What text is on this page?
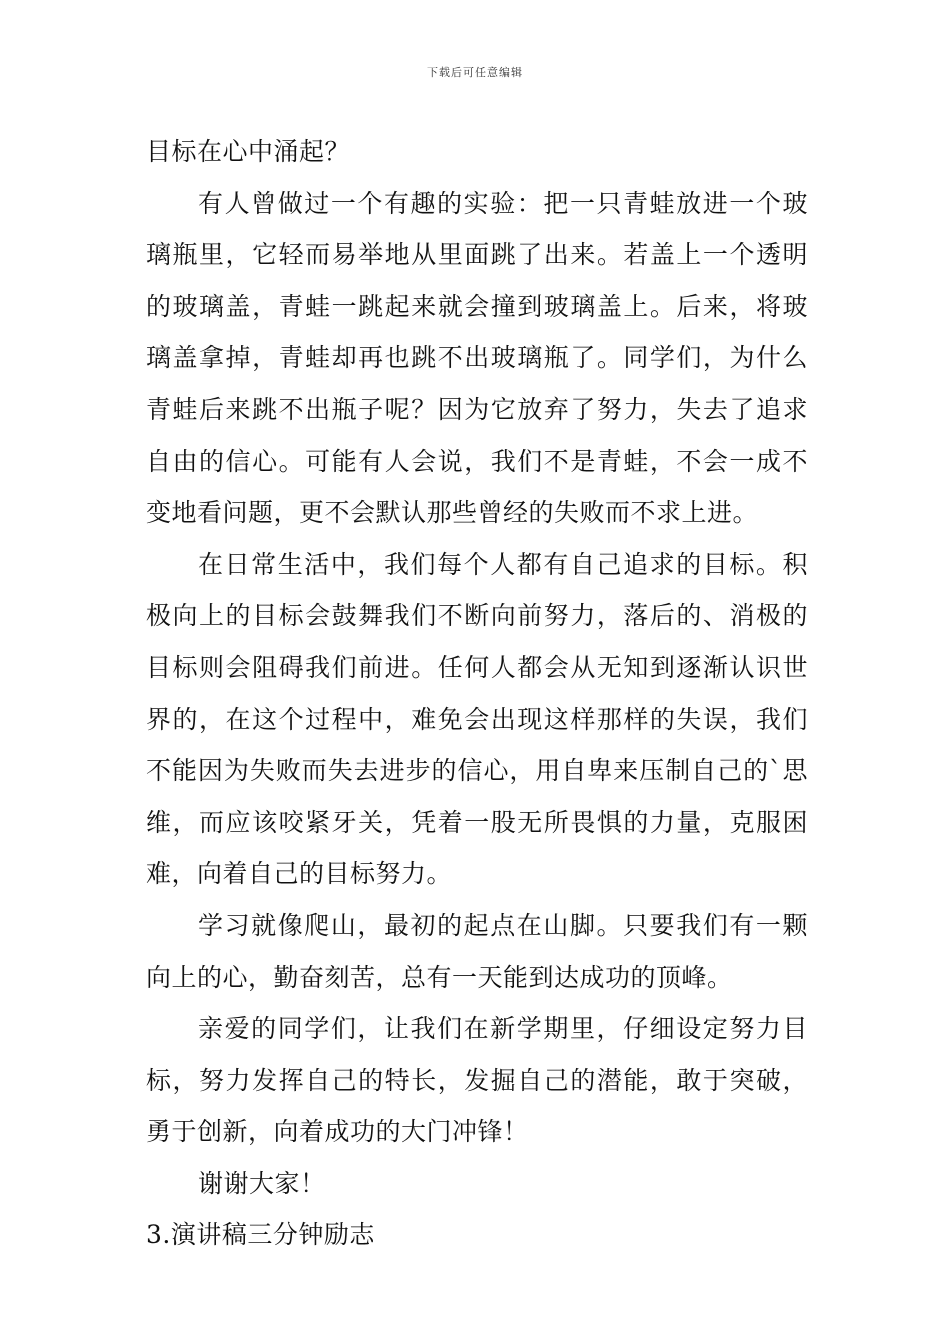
下载后可任意编辑

目标在心中涌起？

有人曾做过一个有趣的实验：把一只青蛙放进一个玻璃瓶里，它轻而易举地从里面跳了出来。若盖上一个透明的玻璃盖，青蛙一跳起来就会撞到玻璃盖上。后来，将玻璃盖拿掉，青蛙却再也跳不出玻璃瓶了。同学们，为什么青蛙后来跳不出瓶子呢？因为它放弃了努力，失去了追求自由的信心。可能有人会说，我们不是青蛙，不会一成不变地看问题，更不会默认那些曾经的失败而不求上进。

在日常生活中，我们每个人都有自己追求的目标。积极向上的目标会鼓舞我们不断向前努力，落后的、消极的目标则会阻碍我们前进。任何人都会从无知到逐渐认识世界的，在这个过程中，难免会出现这样那样的失误，我们不能因为失败而失去进步的信心，用自卑来压制自己的`思维，而应该咬紧牙关，凭着一股无所畏惧的力量，克服困难，向着自己的目标努力。

学习就像爬山，最初的起点在山脚。只要我们有一颗向上的心，勤奋刻苦，总有一天能到达成功的顶峰。

亲爱的同学们，让我们在新学期里，仔细设定努力目标，努力发挥自己的特长，发掘自己的潜能，敢于突破，勇于创新，向着成功的大门冲锋！

谢谢大家！

3.演讲稿三分钟励志
